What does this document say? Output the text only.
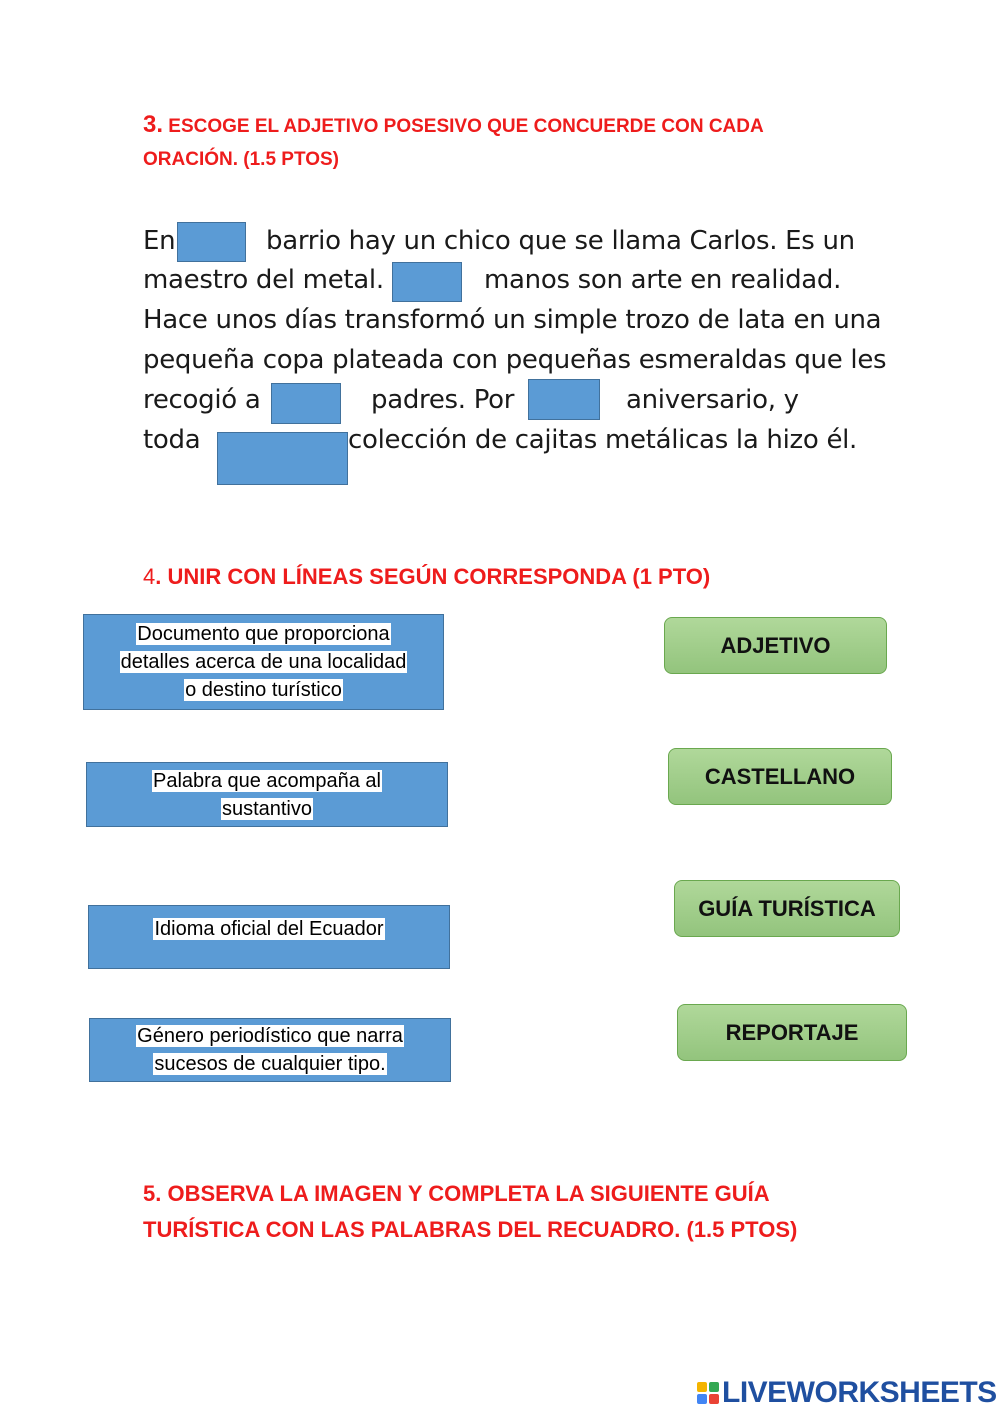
3. ESCOGE EL ADJETIVO POSESIVO QUE CONCUERDE CON CADA ORACIÓN. (1.5 PTOS)
En	barrio hay un chico que se llama Carlos. Es un
maestro del metal.	manos son arte en realidad.
Hace unos días transformó un simple trozo de lata en una
pequeña copa plateada con pequeñas esmeraldas que les
recogió a	padres. Por	aniversario, y
toda	colección de cajitas metálicas la hizo él.
4. UNIR CON LÍNEAS SEGÚN CORRESPONDA (1 PTO)
Documento que proporciona
detalles acerca de una localidad
o destino turístico
Palabra que acompaña al
sustantivo
Idioma oficial del Ecuador
Género periodístico que narra
sucesos de cualquier tipo.
ADJETIVO
CASTELLANO
GUÍA TURÍSTICA
REPORTAJE
5. OBSERVA LA IMAGEN Y COMPLETA LA SIGUIENTE GUÍA TURÍSTICA CON LAS PALABRAS DEL RECUADRO. (1.5 PTOS)
LIVEWORKSHEETS
